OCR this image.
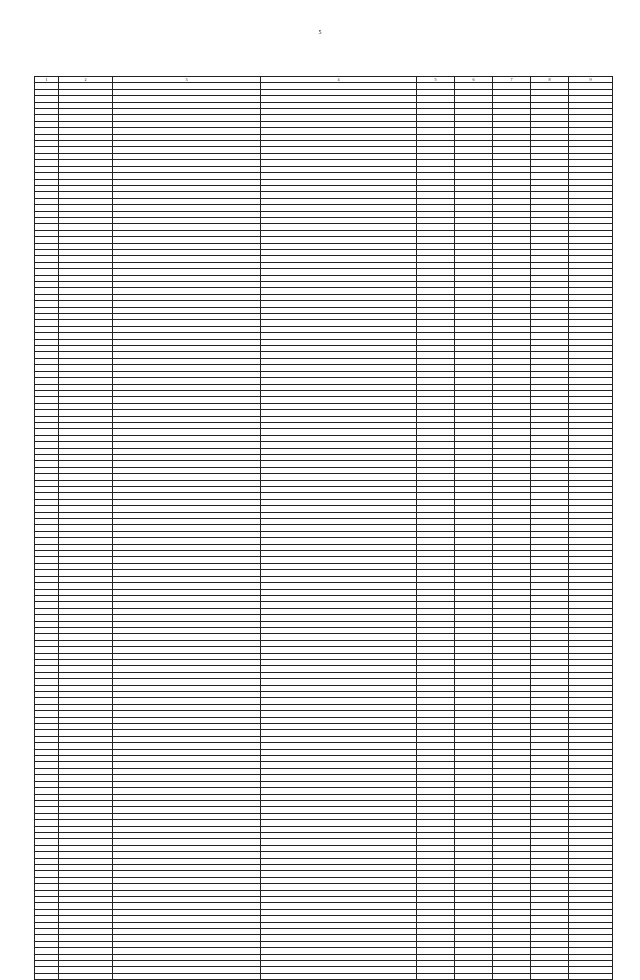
5
1	2	3	4	5	6	7	8	9
